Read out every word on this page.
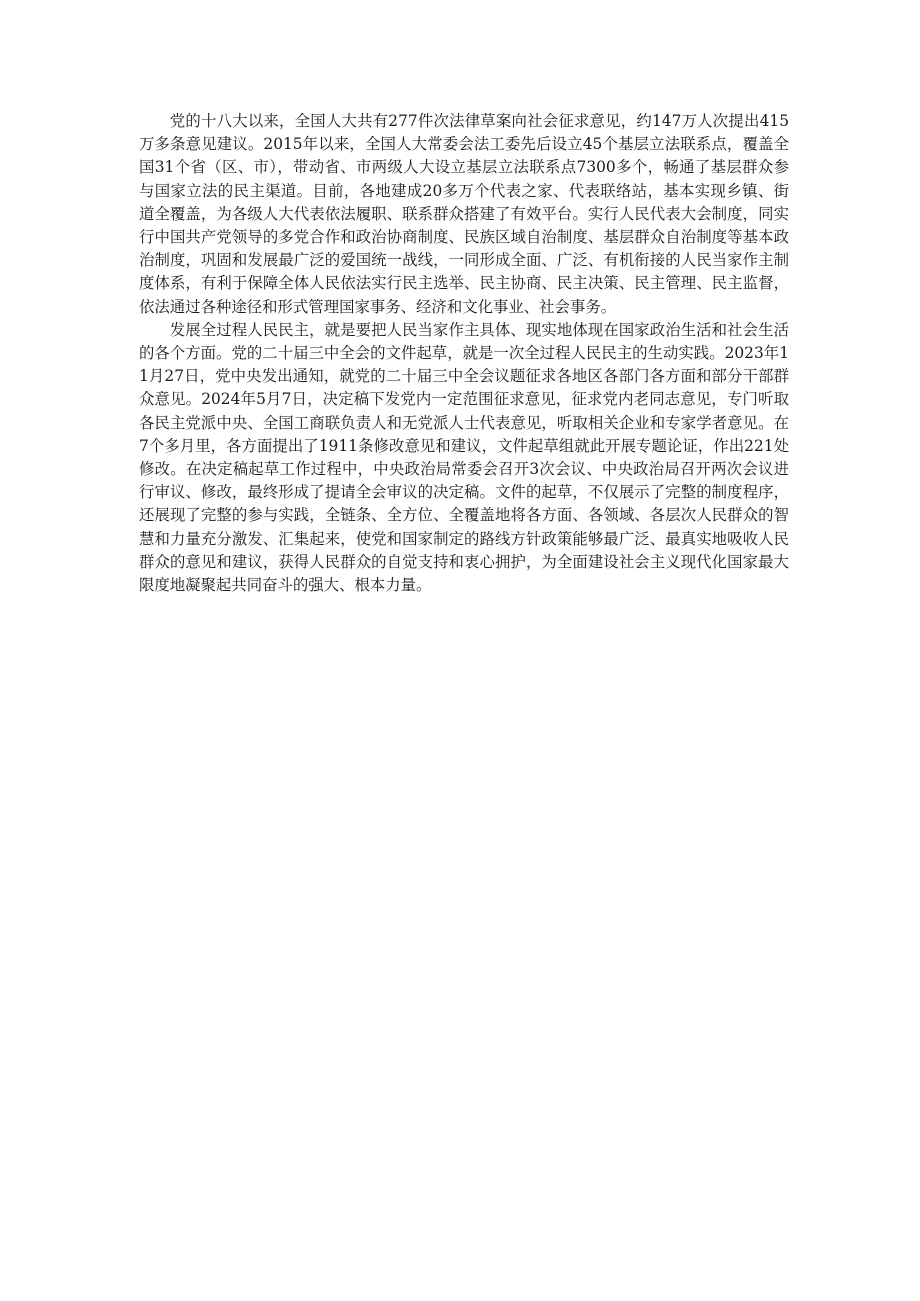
党的十八大以来，全国人大共有277件次法律草案向社会征求意见，约147万人次提出415万多条意见建议。2015年以来，全国人大常委会法工委先后设立45个基层立法联系点，覆盖全国31个省（区、市），带动省、市两级人大设立基层立法联系点7300多个，畅通了基层群众参与国家立法的民主渠道。目前，各地建成20多万个代表之家、代表联络站，基本实现乡镇、街道全覆盖，为各级人大代表依法履职、联系群众搭建了有效平台。实行人民代表大会制度，同实行中国共产党领导的多党合作和政治协商制度、民族区域自治制度、基层群众自治制度等基本政治制度，巩固和发展最广泛的爱国统一战线，一同形成全面、广泛、有机衔接的人民当家作主制度体系，有利于保障全体人民依法实行民主选举、民主协商、民主决策、民主管理、民主监督，依法通过各种途径和形式管理国家事务、经济和文化事业、社会事务。

发展全过程人民民主，就是要把人民当家作主具体、现实地体现在国家政治生活和社会生活的各个方面。党的二十届三中全会的文件起草，就是一次全过程人民民主的生动实践。2023年11月27日，党中央发出通知，就党的二十届三中全会议题征求各地区各部门各方面和部分干部群众意见。2024年5月7日，决定稿下发党内一定范围征求意见，征求党内老同志意见，专门听取各民主党派中央、全国工商联负责人和无党派人士代表意见，听取相关企业和专家学者意见。在7个多月里，各方面提出了1911条修改意见和建议，文件起草组就此开展专题论证，作出221处修改。在决定稿起草工作过程中，中央政治局常委会召开3次会议、中央政治局召开两次会议进行审议、修改，最终形成了提请全会审议的决定稿。文件的起草，不仅展示了完整的制度程序，还展现了完整的参与实践，全链条、全方位、全覆盖地将各方面、各领域、各层次人民群众的智慧和力量充分激发、汇集起来，使党和国家制定的路线方针政策能够最广泛、最真实地吸收人民群众的意见和建议，获得人民群众的自觉支持和衷心拥护，为全面建设社会主义现代化国家最大限度地凝聚起共同奋斗的强大、根本力量。
